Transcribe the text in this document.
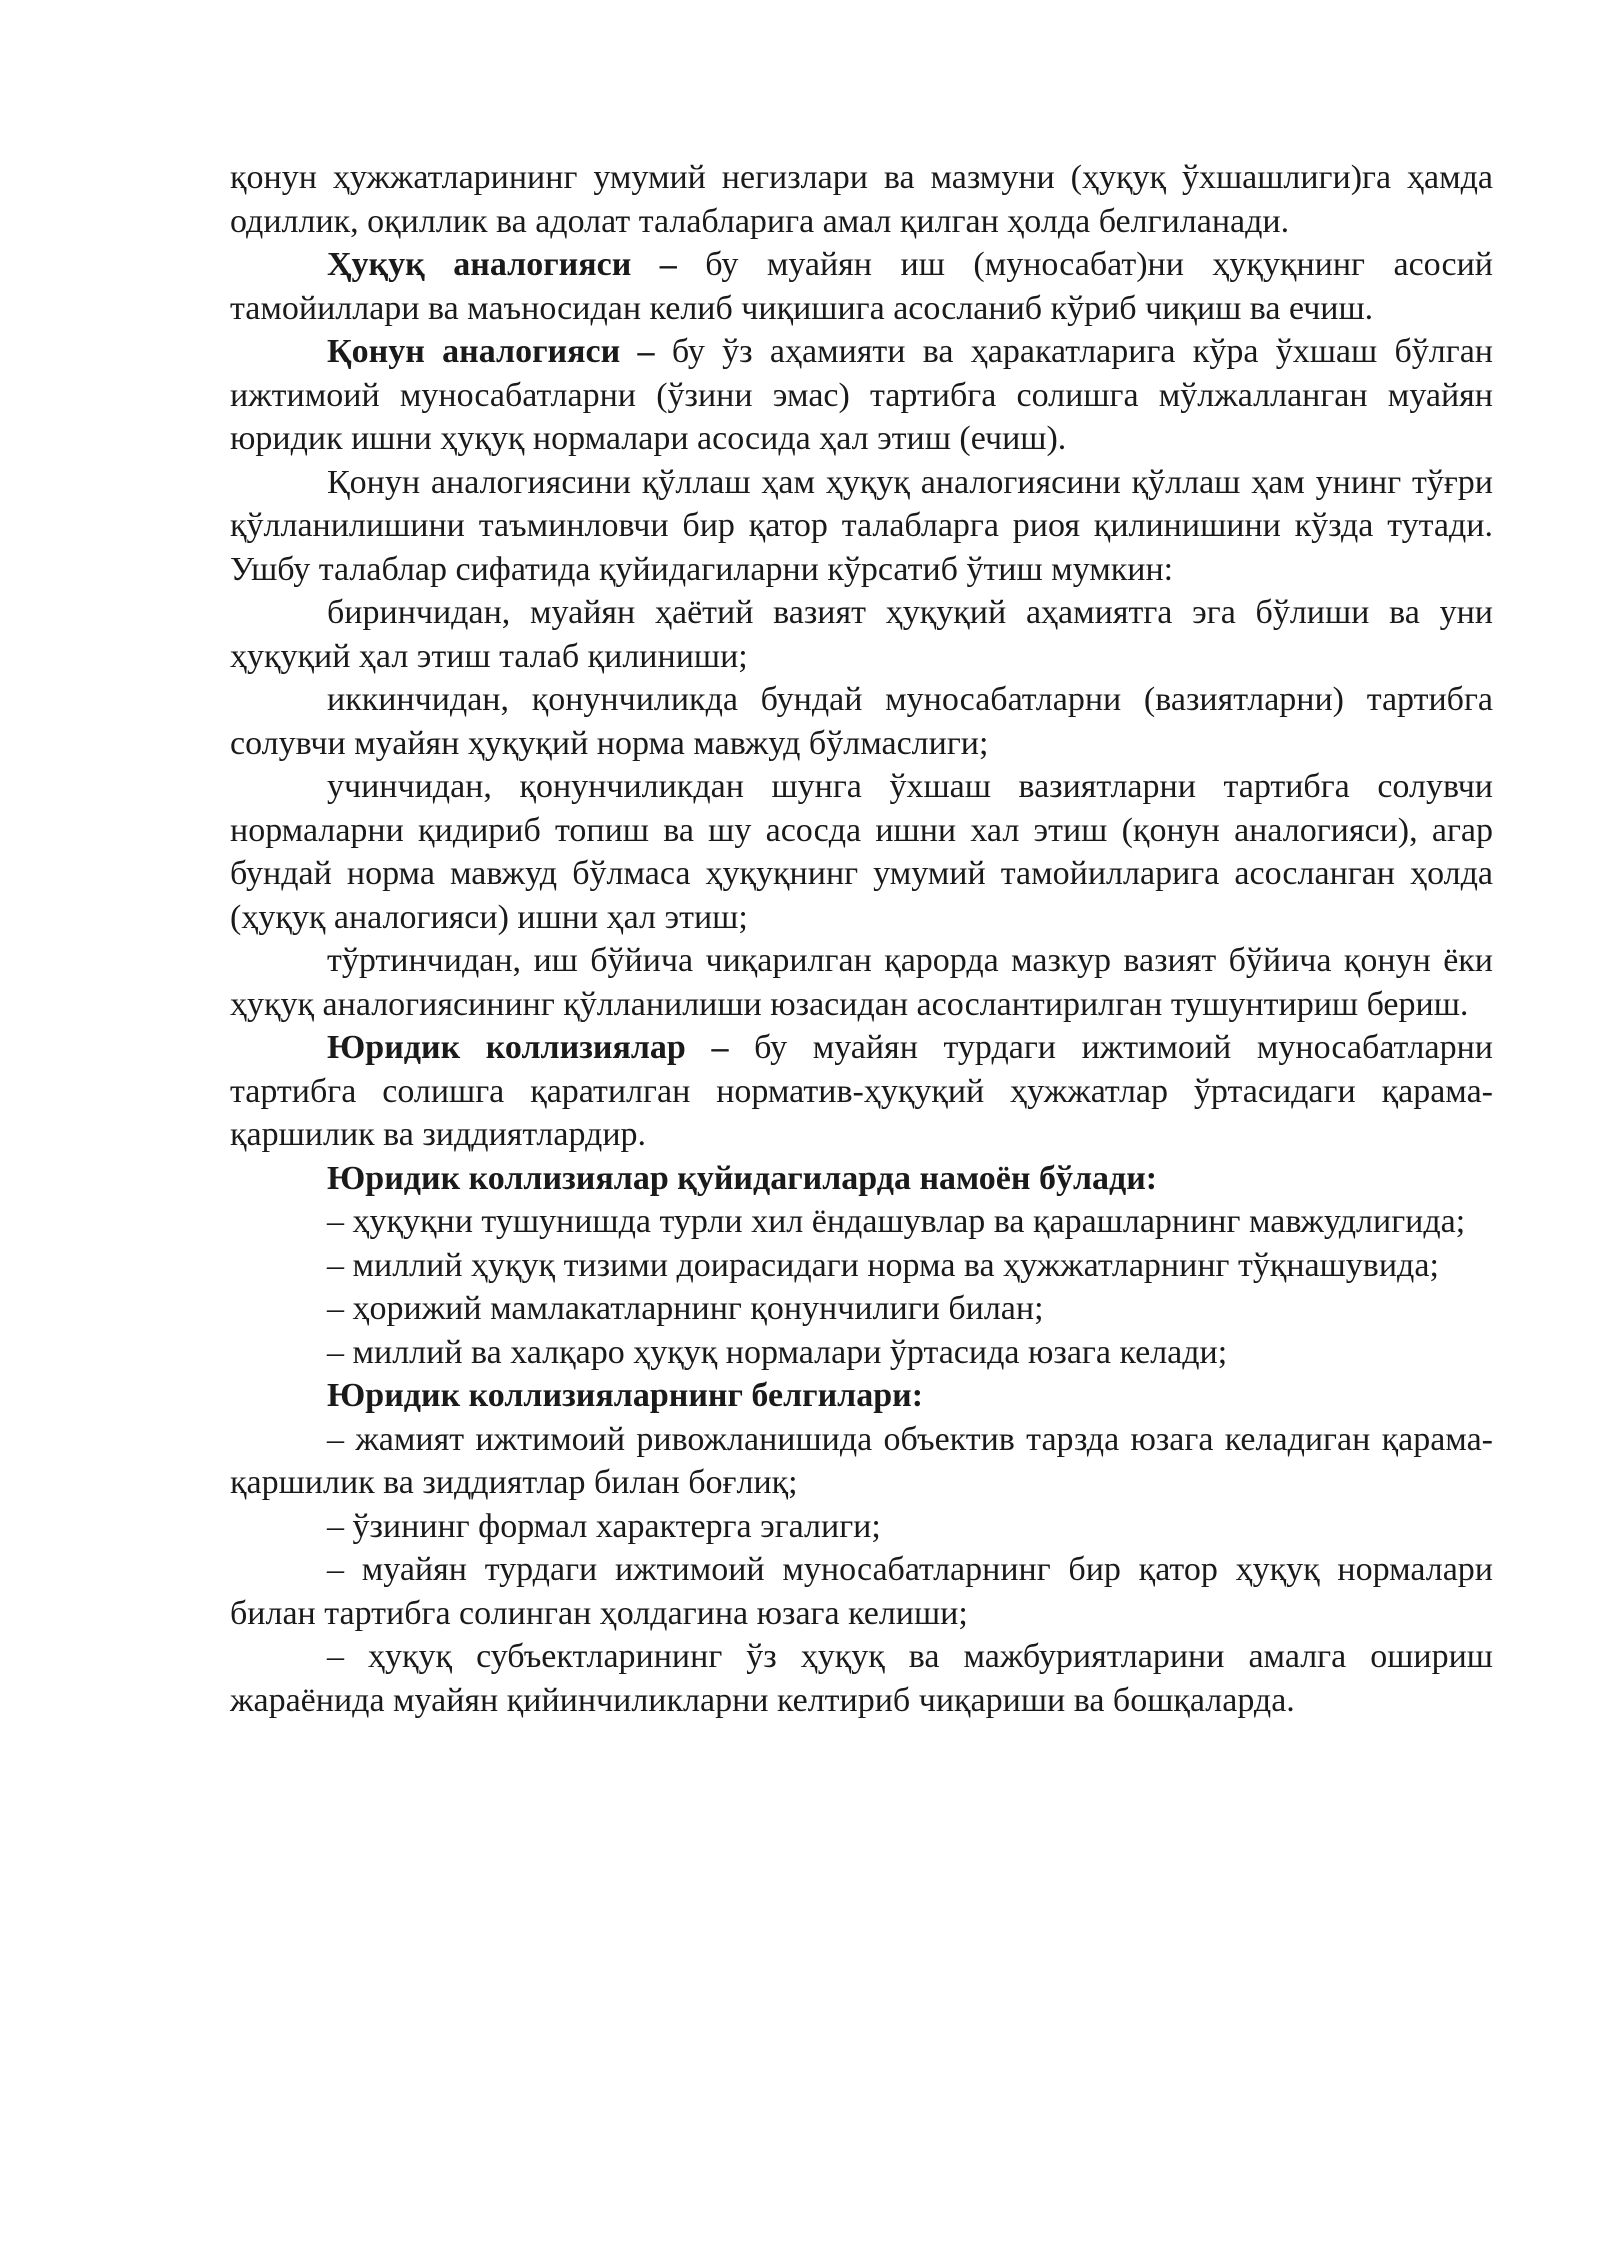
қонун ҳужжатларининг умумий негизлари ва мазмуни (ҳуқуқ ўхшашлиги)га ҳамда одиллик, оқиллик ва адолат талабларига амал қилган ҳолда белгиланади.

Ҳуқуқ аналогияси – бу муайян иш (муносабат)ни ҳуқуқнинг асосий тамойиллари ва маъносидан келиб чиқишига асосланиб кўриб чиқиш ва ечиш.

Қонун аналогияси – бу ўз аҳамияти ва ҳаракатларига кўра ўхшаш бўлган ижтимоий муносабатларни (ўзини эмас) тартибга солишга мўлжалланган муайян юридик ишни ҳуқуқ нормалари асосида ҳал этиш (ечиш).

Қонун аналогиясини қўллаш ҳам ҳуқуқ аналогиясини қўллаш ҳам унинг тўғри қўлланилишини таъминловчи бир қатор талабларга риоя қилинишини кўзда тутади. Ушбу талаблар сифатида қуйидагиларни кўрсатиб ўтиш мумкин:

биринчидан, муайян ҳаётий вазият ҳуқуқий аҳамиятга эга бўлиши ва уни ҳуқуқий ҳал этиш талаб қилиниши;

иккинчидан, қонунчиликда бундай муносабатларни (вазиятларни) тартибга солувчи муайян ҳуқуқий норма мавжуд бўлмаслиги;

учинчидан, қонунчиликдан шунга ўхшаш вазиятларни тартибга солувчи нормаларни қидириб топиш ва шу асосда ишни хал этиш (қонун аналогияси), агар бундай норма мавжуд бўлмаса ҳуқуқнинг умумий тамойилларига асосланган ҳолда (ҳуқуқ аналогияси) ишни ҳал этиш;

тўртинчидан, иш бўйича чиқарилган қарорда мазкур вазият бўйича қонун ёки ҳуқуқ аналогиясининг қўлланилиши юзасидан асослантирилган тушунтириш бериш.

Юридик коллизиялар – бу муайян турдаги ижтимоий муносабатларни тартибга солишга қаратилган норматив-ҳуқуқий ҳужжатлар ўртасидаги қарама-қаршилик ва зиддиятлардир.

Юридик коллизиялар қуйидагиларда намоён бўлади:

– ҳуқуқни тушунишда турли хил ёндашувлар ва қарашларнинг мавжудлигида;

– миллий ҳуқуқ тизими доирасидаги норма ва ҳужжатларнинг тўқнашувида;

– ҳорижий мамлакатларнинг қонунчилиги билан;

– миллий ва халқаро ҳуқуқ нормалари ўртасида юзага келади;

Юридик коллизияларнинг белгилари:

– жамият ижтимоий ривожланишида объектив тарзда юзага келадиган қарама-қаршилик ва зиддиятлар билан боғлиқ;

– ўзининг формал характерга эгалиги;

– муайян турдаги ижтимоий муносабатларнинг бир қатор ҳуқуқ нормалари билан тартибга солинган ҳолдагина юзага келиши;

– ҳуқуқ субъектларининг ўз ҳуқуқ ва мажбуриятларини амалга ошириш жараёнида муайян қийинчиликларни келтириб чиқариши ва бошқаларда.
